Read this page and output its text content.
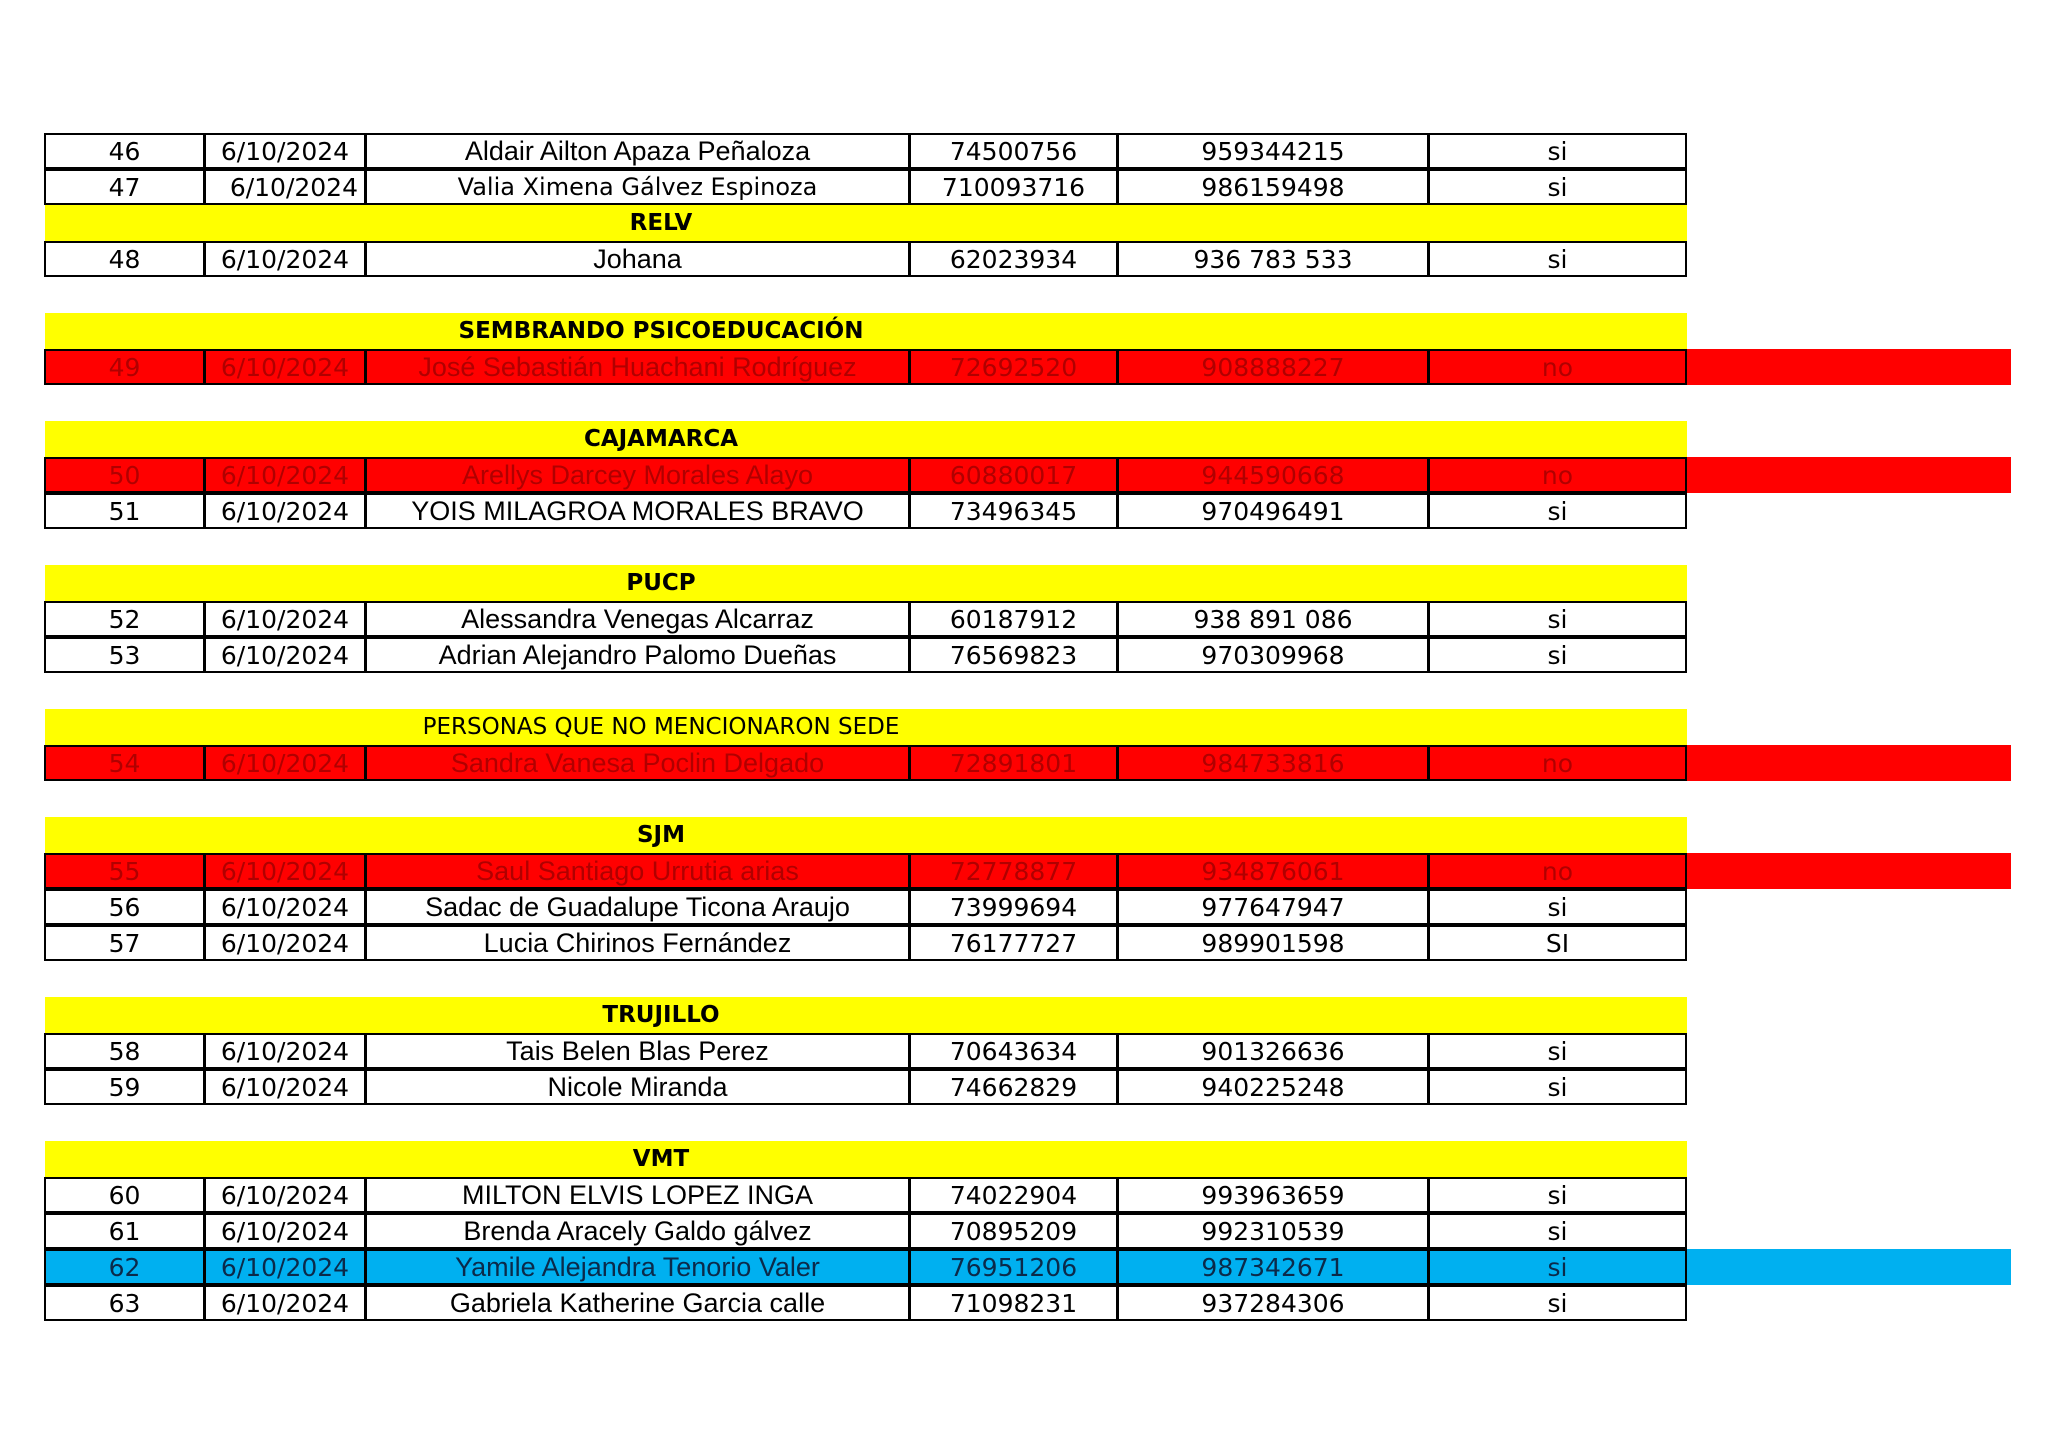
46	6/10/2024	Aldair Ailton Apaza Peñaloza	74500756	959344215	si
47	6/10/2024	Valia Ximena Gálvez Espinoza	710093716	986159498	si
RELV
48	6/10/2024	Johana	62023934	936 783 533	si
SEMBRANDO PSICOEDUCACIÓN
49	6/10/2024	José Sebastián Huachani Rodríguez	72692520	908888227	no
CAJAMARCA
50	6/10/2024	Arellys Darcey Morales Alayo	60880017	944590668	no
51	6/10/2024	YOIS MILAGROA MORALES BRAVO	73496345	970496491	si
PUCP
52	6/10/2024	Alessandra Venegas Alcarraz	60187912	938 891 086	si
53	6/10/2024	Adrian Alejandro Palomo Dueñas	76569823	970309968	si
PERSONAS QUE NO MENCIONARON SEDE
54	6/10/2024	Sandra Vanesa Poclin Delgado	72891801	984733816	no
SJM
55	6/10/2024	Saul Santiago Urrutia arias	72778877	934876061	no
56	6/10/2024	Sadac de Guadalupe Ticona Araujo	73999694	977647947	si
57	6/10/2024	Lucia Chirinos Fernández	76177727	989901598	SI
TRUJILLO
58	6/10/2024	Tais Belen Blas Perez	70643634	901326636	si
59	6/10/2024	Nicole Miranda	74662829	940225248	si
VMT
60	6/10/2024	MILTON ELVIS LOPEZ INGA	74022904	993963659	si
61	6/10/2024	Brenda Aracely Galdo gálvez	70895209	992310539	si
62	6/10/2024	Yamile Alejandra Tenorio Valer	76951206	987342671	si
63	6/10/2024	Gabriela Katherine Garcia calle	71098231	937284306	si
